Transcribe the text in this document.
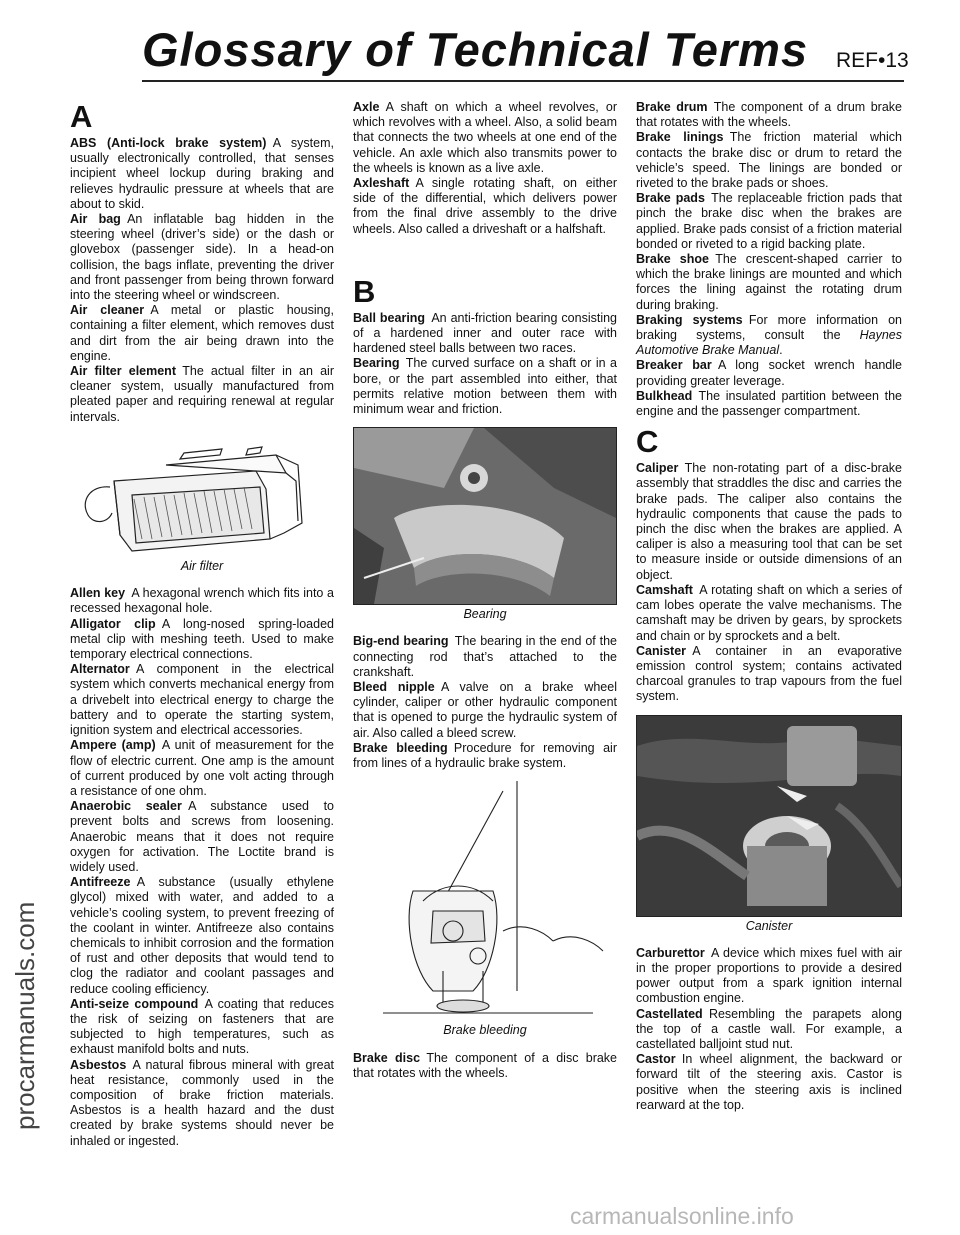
Glossary of Technical Terms REF•13
procarmanuals.com
carmanualsonline.info
A

ABS (Anti-lock brake system)  A system, usually electronically controlled, that senses incipient wheel lockup during braking and relieves hydraulic pressure at wheels that are about to skid.

Air bag  An inflatable bag hidden in the steering wheel (driver’s side) or the dash or glovebox (passenger side). In a head-on collision, the bags inflate, preventing the driver and front passenger from being thrown forward into the steering wheel or windscreen.

Air cleaner  A metal or plastic housing, containing a filter element, which removes dust and dirt from the air being drawn into the engine.

Air filter element  The actual filter in an air cleaner system, usually manufactured from pleated paper and requiring renewal at regular intervals.

Air filter

Allen key  A hexagonal wrench which fits into a recessed hexagonal hole.

Alligator clip  A long-nosed spring-loaded metal clip with meshing teeth. Used to make temporary electrical connections.

Alternator  A component in the electrical system which converts mechanical energy from a drivebelt into electrical energy to charge the battery and to operate the starting system, ignition system and electrical accessories.

Ampere (amp)  A unit of measurement for the flow of electric current. One amp is the amount of current produced by one volt acting through a resistance of one ohm.

Anaerobic sealer  A substance used to prevent bolts and screws from loosening. Anaerobic means that it does not require oxygen for activation. The Loctite brand is widely used.

Antifreeze  A substance (usually ethylene glycol) mixed with water, and added to a vehicle’s cooling system, to prevent freezing of the coolant in winter. Antifreeze also contains chemicals to inhibit corrosion and the formation of rust and other deposits that would tend to clog the radiator and coolant passages and reduce cooling efficiency.

Anti-seize compound  A coating that reduces the risk of seizing on fasteners that are subjected to high temperatures, such as exhaust manifold bolts and nuts.

Asbestos  A natural fibrous mineral with great heat resistance, commonly used in the composition of brake friction materials. Asbestos is a health hazard and the dust created by brake systems should never be inhaled or ingested.

Axle  A shaft on which a wheel revolves, or which revolves with a wheel. Also, a solid beam that connects the two wheels at one end of the vehicle. An axle which also transmits power to the wheels is known as a live axle.

Axleshaft  A single rotating shaft, on either side of the differential, which delivers power from the final drive assembly to the drive wheels. Also called a driveshaft or a halfshaft.

B

Ball bearing  An anti-friction bearing consisting of a hardened inner and outer race with hardened steel balls between two races.

Bearing  The curved surface on a shaft or in a bore, or the part assembled into either, that permits relative motion between them with minimum wear and friction.

Bearing

Big-end bearing  The bearing in the end of the connecting rod that’s attached to the crankshaft.

Bleed nipple  A valve on a brake wheel cylinder, caliper or other hydraulic component that is opened to purge the hydraulic system of air. Also called a bleed screw.

Brake bleeding  Procedure for removing air from lines of a hydraulic brake system.

Brake bleeding

Brake disc  The component of a disc brake that rotates with the wheels.

Brake drum  The component of a drum brake that rotates with the wheels.

Brake linings  The friction material which contacts the brake disc or drum to retard the vehicle’s speed. The linings are bonded or riveted to the brake pads or shoes.

Brake pads  The replaceable friction pads that pinch the brake disc when the brakes are applied. Brake pads consist of a friction material bonded or riveted to a rigid backing plate.

Brake shoe  The crescent-shaped carrier to which the brake linings are mounted and which forces the lining against the rotating drum during braking.

Braking systems  For more information on braking systems, consult the Haynes Automotive Brake Manual.

Breaker bar  A long socket wrench handle providing greater leverage.

Bulkhead  The insulated partition between the engine and the passenger compartment.

C

Caliper  The non-rotating part of a disc-brake assembly that straddles the disc and carries the brake pads. The caliper also contains the hydraulic components that cause the pads to pinch the disc when the brakes are applied. A caliper is also a measuring tool that can be set to measure inside or outside dimensions of an object.

Camshaft  A rotating shaft on which a series of cam lobes operate the valve mechanisms. The camshaft may be driven by gears, by sprockets and chain or by sprockets and a belt.

Canister  A container in an evaporative emission control system; contains activated charcoal granules to trap vapours from the fuel system.

Canister

Carburettor  A device which mixes fuel with air in the proper proportions to provide a desired power output from a spark ignition internal combustion engine.

Castellated  Resembling the parapets along the top of a castle wall. For example, a castellated balljoint stud nut.

Castor  In wheel alignment, the backward or forward tilt of the steering axis. Castor is positive when the steering axis is inclined rearward at the top.
